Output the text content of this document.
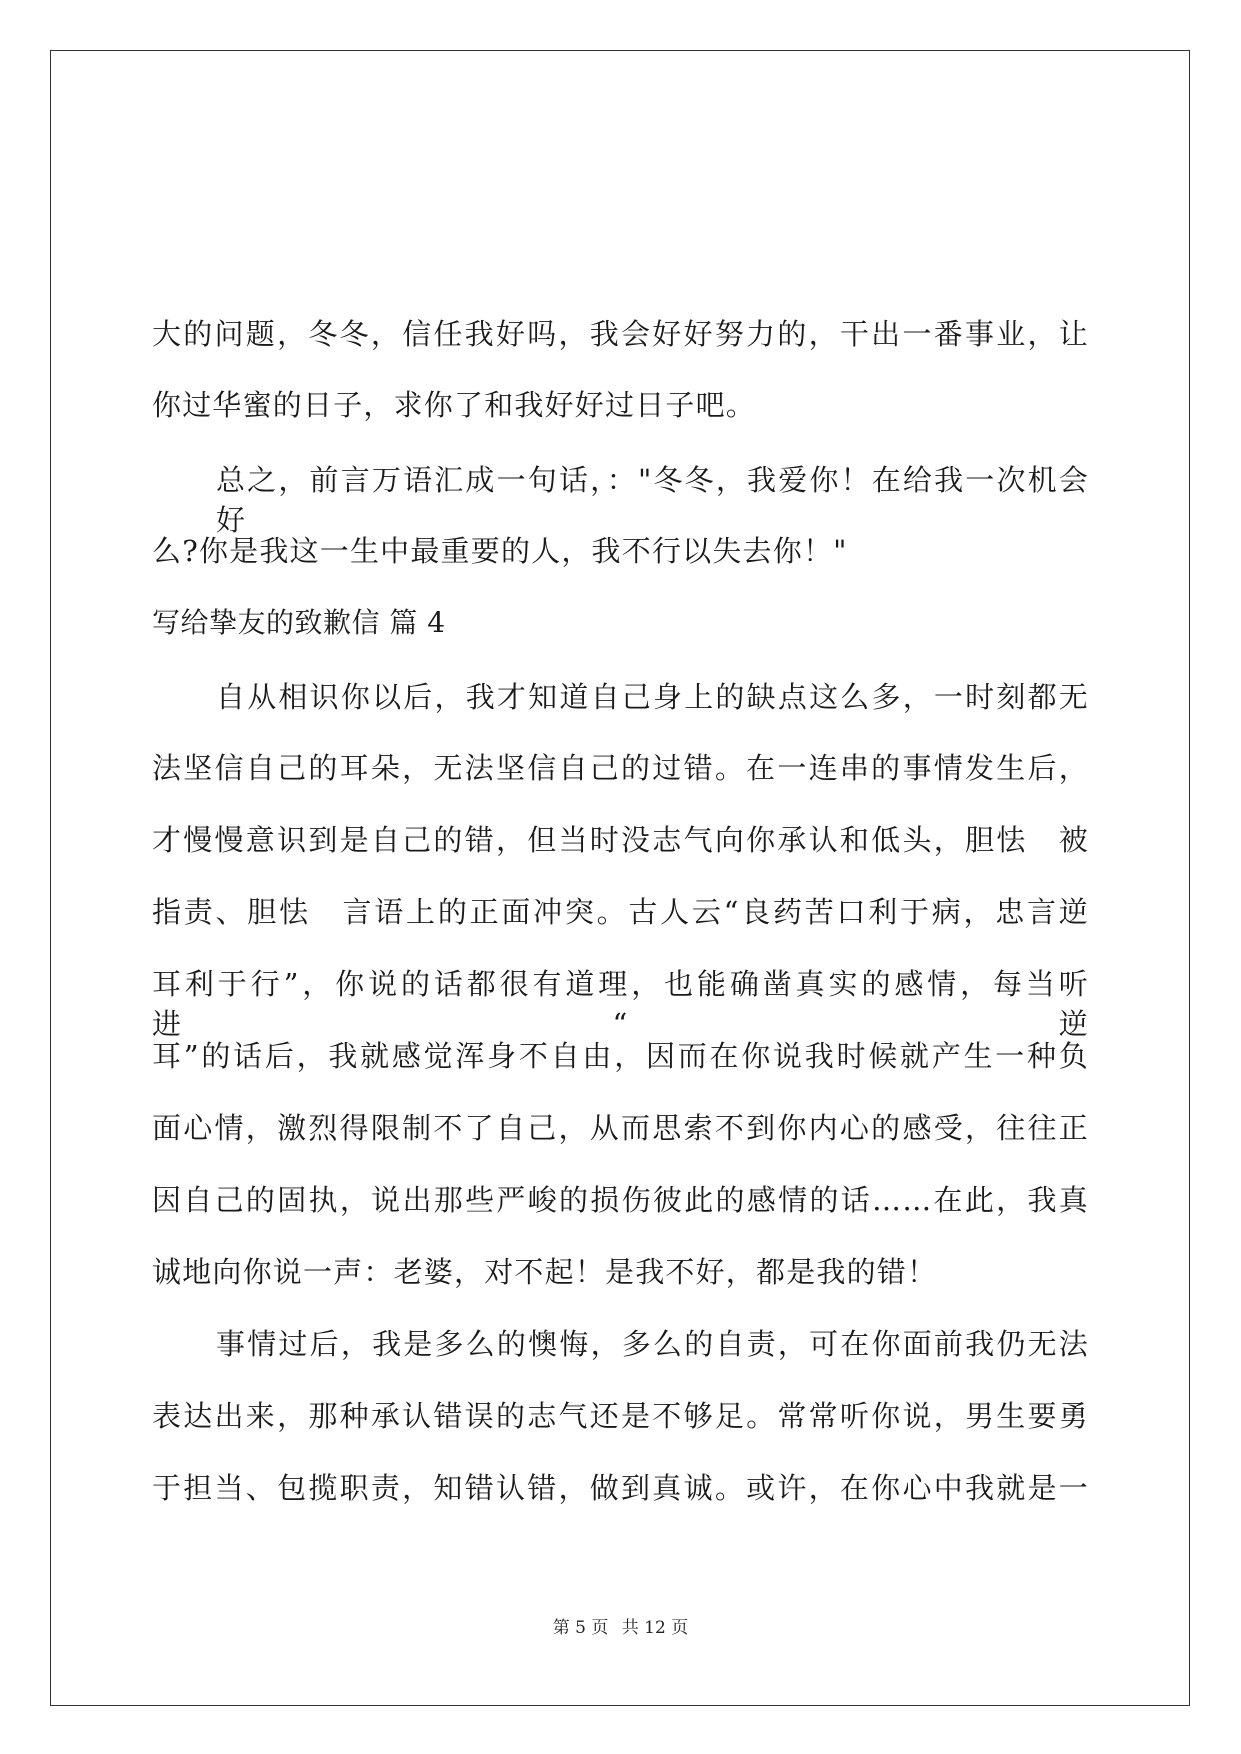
大的问题，冬冬，信任我好吗，我会好好努力的，干出一番事业，让
你过华蜜的日子，求你了和我好好过日子吧。
总之，前言万语汇成一句话，："冬冬，我爱你！在给我一次机会好
么?你是我这一生中最重要的人，我不行以失去你！"
写给挚友的致歉信 篇 4
自从相识你以后，我才知道自己身上的缺点这么多，一时刻都无
法坚信自己的耳朵，无法坚信自己的过错。在一连串的事情发生后，
才慢慢意识到是自己的错，但当时没志气向你承认和低头，胆怯　被
指责、胆怯　言语上的正面冲突。古人云“良药苦口利于病，忠言逆
耳利于行”，你说的话都很有道理，也能确凿真实的感情，每当听进“逆
耳”的话后，我就感觉浑身不自由，因而在你说我时候就产生一种负
面心情，激烈得限制不了自己，从而思索不到你内心的感受，往往正
因自己的固执，说出那些严峻的损伤彼此的感情的话……在此，我真
诚地向你说一声：老婆，对不起！是我不好，都是我的错！
事情过后，我是多么的懊悔，多么的自责，可在你面前我仍无法
表达出来，那种承认错误的志气还是不够足。常常听你说，男生要勇
于担当、包揽职责，知错认错，做到真诚。或许，在你心中我就是一
第 5 页 共 12 页
